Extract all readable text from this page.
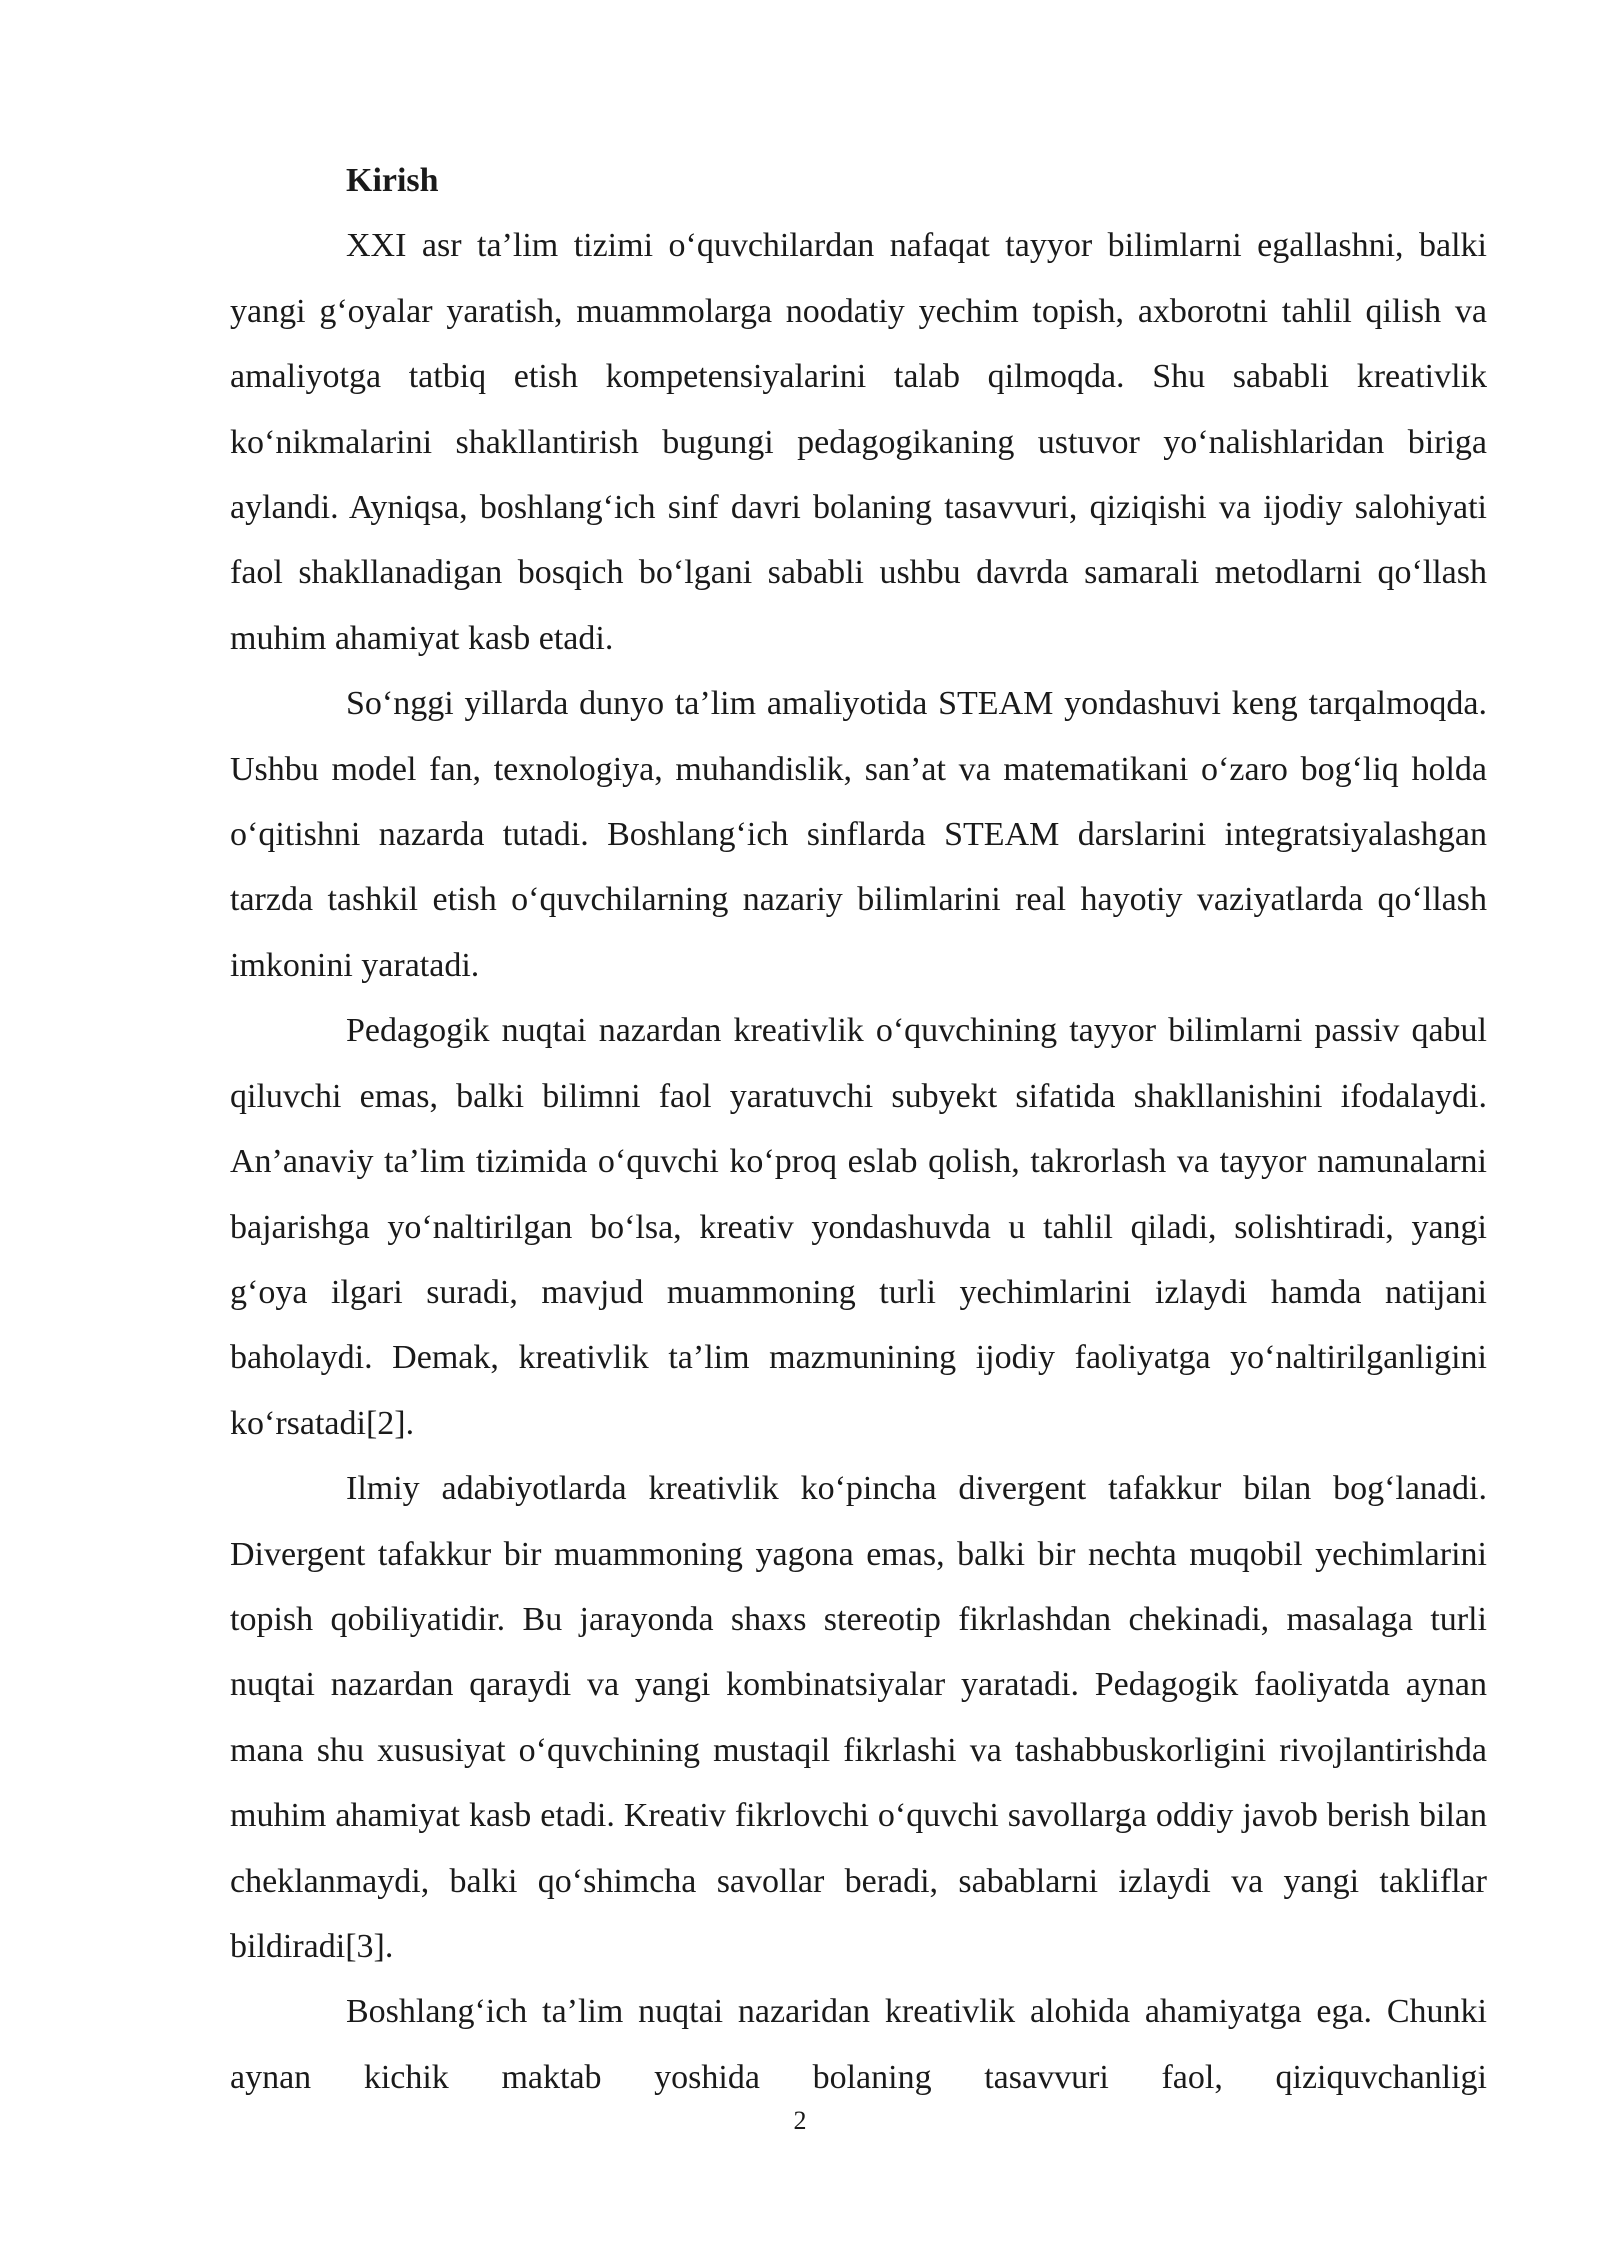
Kirish

XXI asr ta’lim tizimi o‘quvchilardan nafaqat tayyor bilimlarni egallashni, balki yangi g‘oyalar yaratish, muammolarga noodatiy yechim topish, axborotni tahlil qilish va amaliyotga tatbiq etish kompetensiyalarini talab qilmoqda. Shu sababli kreativlik ko‘nikmalarini shakllantirish bugungi pedagogikaning ustuvor yo‘nalishlaridan biriga aylandi. Ayniqsa, boshlang‘ich sinf davri bolaning tasavvuri, qiziqishi va ijodiy salohiyati faol shakllanadigan bosqich bo‘lgani sababli ushbu davrda samarali metodlarni qo‘llash muhim ahamiyat kasb etadi.

So‘nggi yillarda dunyo ta’lim amaliyotida STEAM yondashuvi keng tarqalmoqda. Ushbu model fan, texnologiya, muhandislik, san’at va matematikani o‘zaro bog‘liq holda o‘qitishni nazarda tutadi. Boshlang‘ich sinflarda STEAM darslarini integratsiyalashgan tarzda tashkil etish o‘quvchilarning nazariy bilimlarini real hayotiy vaziyatlarda qo‘llash imkonini yaratadi.

Pedagogik nuqtai nazardan kreativlik o‘quvchining tayyor bilimlarni passiv qabul qiluvchi emas, balki bilimni faol yaratuvchi subyekt sifatida shakllanishini ifodalaydi. An’anaviy ta’lim tizimida o‘quvchi ko‘proq eslab qolish, takrorlash va tayyor namunalarni bajarishga yo‘naltirilgan bo‘lsa, kreativ yondashuvda u tahlil qiladi, solishtiradi, yangi g‘oya ilgari suradi, mavjud muammoning turli yechimlarini izlaydi hamda natijani baholaydi. Demak, kreativlik ta’lim mazmunining ijodiy faoliyatga yo‘naltirilganligini ko‘rsatadi[2].

Ilmiy adabiyotlarda kreativlik ko‘pincha divergent tafakkur bilan bog‘lanadi. Divergent tafakkur bir muammoning yagona emas, balki bir nechta muqobil yechimlarini topish qobiliyatidir. Bu jarayonda shaxs stereotip fikrlashdan chekinadi, masalaga turli nuqtai nazardan qaraydi va yangi kombinatsiyalar yaratadi. Pedagogik faoliyatda aynan mana shu xususiyat o‘quvchining mustaqil fikrlashi va tashabbuskorligini rivojlantirishda muhim ahamiyat kasb etadi. Kreativ fikrlovchi o‘quvchi savollarga oddiy javob berish bilan cheklanmaydi, balki qo‘shimcha savollar beradi, sabablarni izlaydi va yangi takliflar bildiradi[3].

Boshlang‘ich ta’lim nuqtai nazaridan kreativlik alohida ahamiyatga ega. Chunki aynan kichik maktab yoshida bolaning tasavvuri faol, qiziquvchanligi

2
